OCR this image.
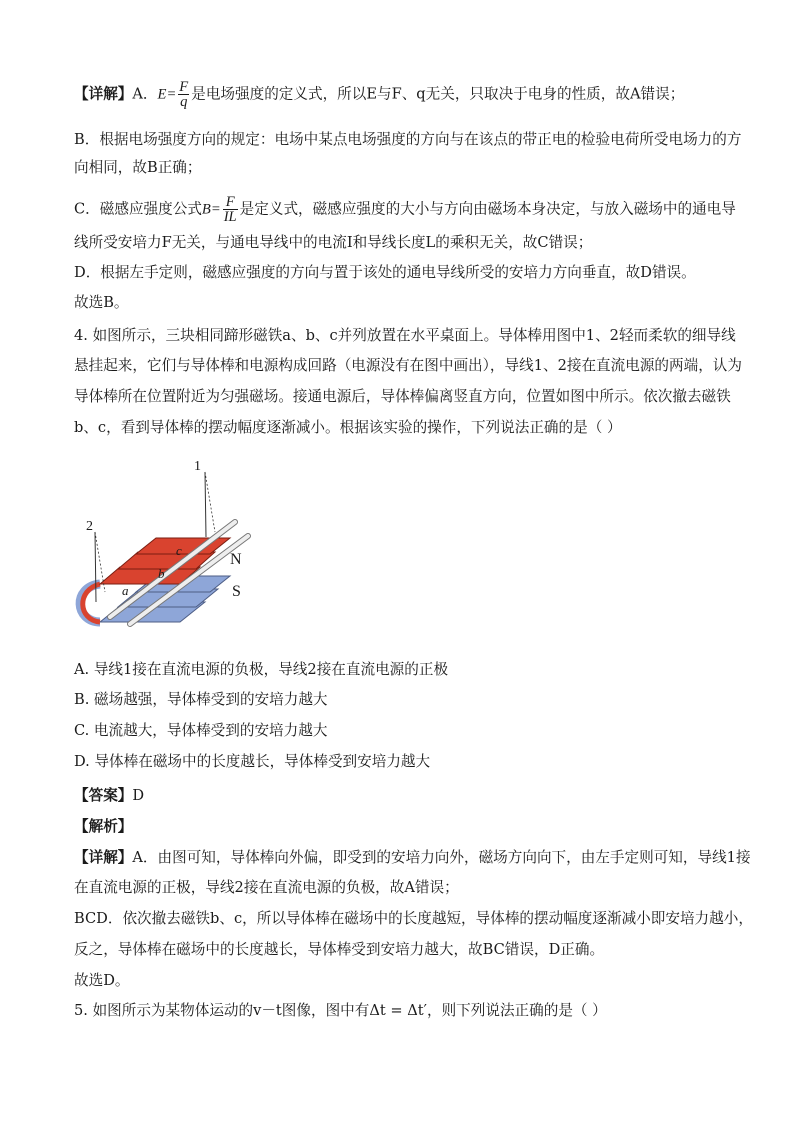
【详解】A．$E= \frac{F}{q}$ 是电场强度的定义式，所以E与F、q无关，只取决于电身的性质，故A错误；
B．根据电场强度方向的规定：电场中某点电场强度的方向与在该点的带正电的检验电荷所受电场力的方
向相同，故B正确；
C．磁感应强度公式$B= \frac{F}{IL}$ 是定义式，磁感应强度的大小与方向由磁场本身决定，与放入磁场中的通电导
线所受安培力F无关，与通电导线中的电流I和导线长度L的乘积无关，故C错误；
D．根据左手定则，磁感应强度的方向与置于该处的通电导线所受的安培力方向垂直，故D错误。
故选B。
4. 如图所示，三块相同蹄形磁铁a、b、c并列放置在水平桌面上。导体棒用图中1、2轻而柔软的细导线
悬挂起来，它们与导体棒和电源构成回路（电源没有在图中画出），导线1、2接在直流电源的两端，认为
导体棒所在位置附近为匀强磁场。接通电源后，导体棒偏离竖直方向，位置如图中所示。依次撤去磁铁
b、c，看到导体棒的摆动幅度逐渐减小。根据该实验的操作，下列说法正确的是（ ）
1
2
a
b
c
N
S
A. 导线1接在直流电源的负极，导线2接在直流电源的正极
B. 磁场越强，导体棒受到的安培力越大
C. 电流越大，导体棒受到的安培力越大
D. 导体棒在磁场中的长度越长，导体棒受到安培力越大
【答案】D
【解析】
【详解】A．由图可知，导体棒向外偏，即受到的安培力向外，磁场方向向下，由左手定则可知，导线1接
在直流电源的正极，导线2接在直流电源的负极，故A错误；
BCD．依次撤去磁铁b、c，所以导体棒在磁场中的长度越短，导体棒的摆动幅度逐渐减小即安培力越小，
反之，导体棒在磁场中的长度越长，导体棒受到安培力越大，故BC错误，D正确。
故选D。
5. 如图所示为某物体运动的v－t图像，图中有Δt = Δt′，则下列说法正确的是（ ）
